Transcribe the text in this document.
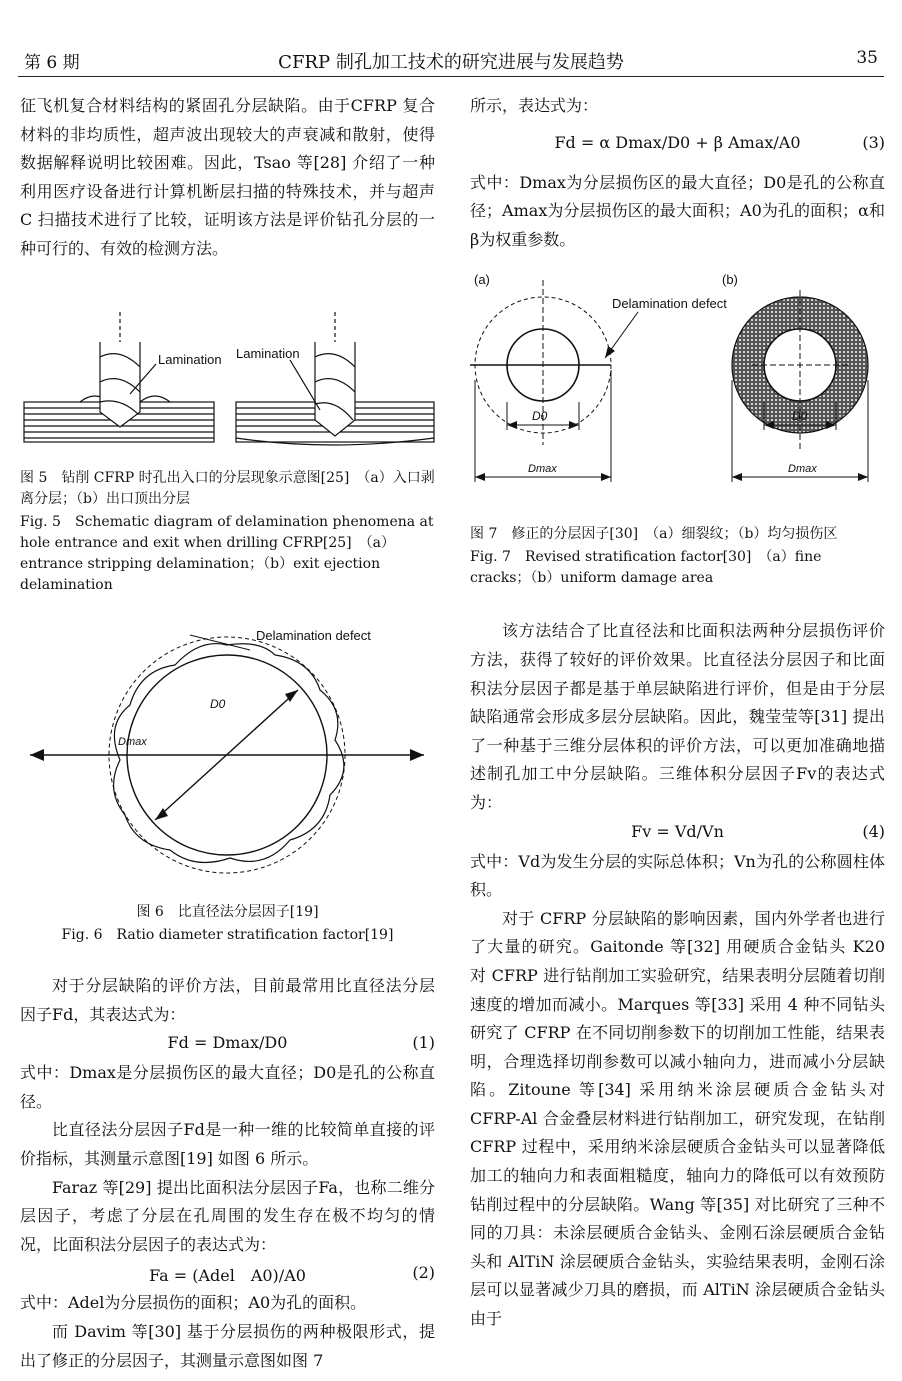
第 6 期	CFRP 制孔加工技术的研究进展与发展趋势	35

征飞机复合材料结构的紧固孔分层缺陷。由于CFRP 复合材料的非均质性，超声波出现较大的声衰减和散射，使得数据解释说明比较困难。因此，Tsao 等[28] 介绍了一种利用医疗设备进行计算机断层扫描的特殊技术，并与超声 C 扫描技术进行了比较，证明该方法是评价钻孔分层的一种可行的、有效的检测方法。

Lamination Lamination

图 5　钻削 CFRP 时孔出入口的分层现象示意图[25]　（a）入口剥离分层；（b）出口顶出分层

Fig. 5　Schematic diagram of delamination phenomena at hole entrance and exit when drilling CFRP[25]　（a）entrance stripping delamination；（b）exit ejection delamination

Delamination defect
D0
Dmax

图 6　比直径法分层因子[19]

Fig. 6　Ratio diameter stratification factor[19]

对于分层缺陷的评价方法，目前最常用比直径法分层因子Fd，其表达式为：

Fd = Dmax/D0	(1)

式中：Dmax是分层损伤区的最大直径；D0是孔的公称直径。

比直径法分层因子Fd是一种一维的比较简单直接的评价指标，其测量示意图[19] 如图 6 所示。

Faraz 等[29] 提出比面积法分层因子Fa，也称二维分层因子，考虑了分层在孔周围的发生存在极不均匀的情况，比面积法分层因子的表达式为：

Fa = (Adel　A0)/A0	(2)

式中：Adel为分层损伤的面积；A0为孔的面积。

而 Davim 等[30] 基于分层损伤的两种极限形式，提出了修正的分层因子，其测量示意图如图 7

所示，表达式为：

Fd = α Dmax/D0 + β Amax/A0	(3)

式中：Dmax为分层损伤区的最大直径；D0是孔的公称直径；Amax为分层损伤区的最大面积；A0为孔的面积；α和β为权重参数。

(a)	(b)
Delamination defect
D0
Dmax
D0
Dmax

图 7　修正的分层因子[30]　（a）细裂纹；（b）均匀损伤区

Fig. 7　Revised stratification factor[30]　（a）fine cracks；（b）uniform damage area

该方法结合了比直径法和比面积法两种分层损伤评价方法，获得了较好的评价效果。比直径法分层因子和比面积法分层因子都是基于单层缺陷进行评价，但是由于分层缺陷通常会形成多层分层缺陷。因此，魏莹莹等[31] 提出了一种基于三维分层体积的评价方法，可以更加准确地描述制孔加工中分层缺陷。三维体积分层因子Fv的表达式为：

Fv = Vd/Vn	(4)

式中：Vd为发生分层的实际总体积；Vn为孔的公称圆柱体积。

对于 CFRP 分层缺陷的影响因素，国内外学者也进行了大量的研究。Gaitonde 等[32] 用硬质合金钻头 K20 对 CFRP 进行钻削加工实验研究，结果表明分层随着切削速度的增加而减小。Marques 等[33] 采用 4 种不同钻头研究了 CFRP 在不同切削参数下的切削加工性能，结果表明，合理选择切削参数可以减小轴向力，进而减小分层缺陷。Zitoune 等[34] 采用纳米涂层硬质合金钻头对 CFRP-Al 合金叠层材料进行钻削加工，研究发现，在钻削 CFRP 过程中，采用纳米涂层硬质合金钻头可以显著降低加工的轴向力和表面粗糙度，轴向力的降低可以有效预防钻削过程中的分层缺陷。Wang 等[35] 对比研究了三种不同的刀具：未涂层硬质合金钻头、金刚石涂层硬质合金钻头和 AlTiN 涂层硬质合金钻头，实验结果表明，金刚石涂层可以显著减少刀具的磨损，而 AlTiN 涂层硬质合金钻头由于
